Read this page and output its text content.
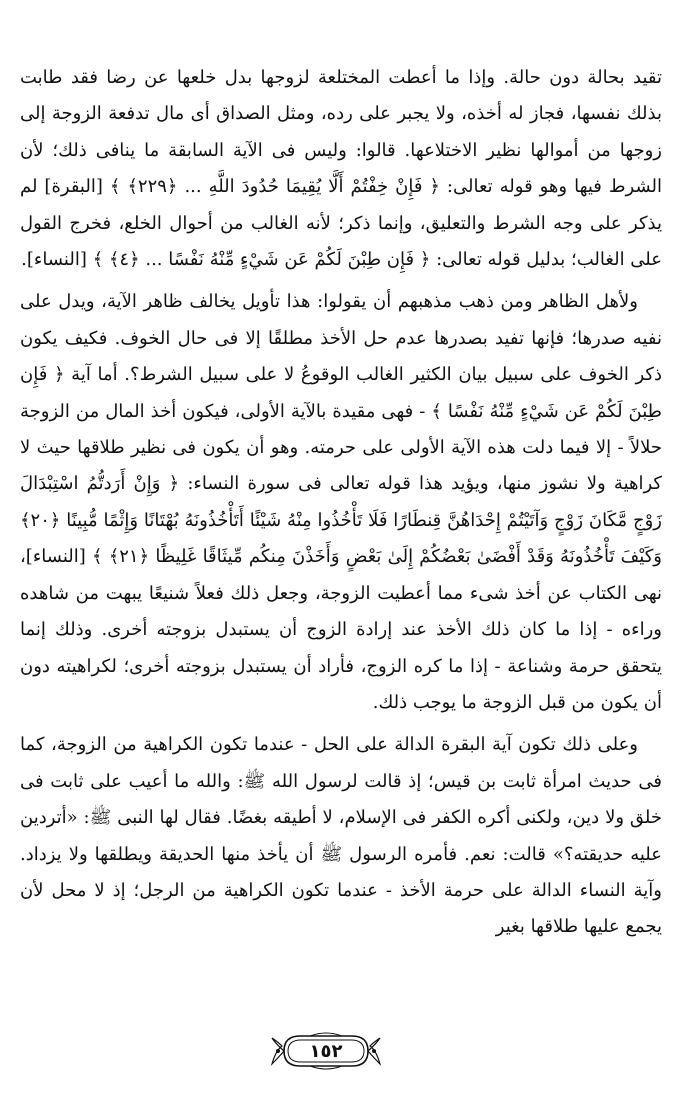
تقيد بحالة دون حالة. وإذا ما أعطت المختلعة لزوجها بدل خلعها عن رضا فقد طابت بذلك نفسها، فجاز له أخذه، ولا يجبر على رده، ومثل الصداق أى مال تدفعة الزوجة إلى زوجها من أموالها نظير الاختلاعها. قالوا: وليس فى الآية السابقة ما ينافى ذلك؛ لأن الشرط فيها وهو قوله تعالى: ﴿ فَإِنْ خِفْتُمْ أَلَّا يُقِيمَا حُدُودَ اللَّهِ ... ﴿٢٢٩﴾ ﴾ [البقرة] لم يذكر على وجه الشرط والتعليق، وإنما ذكر؛ لأنه الغالب من أحوال الخلع، فخرج القول على الغالب؛ بدليل قوله تعالى: ﴿ فَإِن طِبْنَ لَكُمْ عَن شَيْءٍ مِّنْهُ نَفْسًا ... ﴿٤﴾ ﴾ [النساء].

ولأهل الظاهر ومن ذهب مذهبهم أن يقولوا: هذا تأويل يخالف ظاهر الآية، ويدل على نفيه صدرها؛ فإنها تفيد بصدرها عدم حل الأخذ مطلقًا إلا فى حال الخوف. فكيف يكون ذكر الخوف على سبيل بيان الكثير الغالب الوقوعُ لا على سبيل الشرط؟. أما آية ﴿ فَإِن طِبْنَ لَكُمْ عَن شَيْءٍ مِّنْهُ نَفْسًا ﴾ - فهى مقيدة بالآية الأولى، فيكون أخذ المال من الزوجة حلالاً - إلا فيما دلت هذه الآية الأولى على حرمته. وهو أن يكون فى نظير طلاقها حيث لا كراهية ولا نشوز منها، ويؤيد هذا قوله تعالى فى سورة النساء: ﴿ وَإِنْ أَرَدتُّمُ اسْتِبْدَالَ زَوْجٍ مَّكَانَ زَوْجٍ وَآتَيْتُمْ إِحْدَاهُنَّ قِنطَارًا فَلَا تَأْخُذُوا مِنْهُ شَيْئًا أَتَأْخُذُونَهُ بُهْتَانًا وَإِثْمًا مُّبِينًا ﴿٢٠﴾ وَكَيْفَ تَأْخُذُونَهُ وَقَدْ أَفْضَىٰ بَعْضُكُمْ إِلَىٰ بَعْضٍ وَأَخَذْنَ مِنكُم مِّيثَاقًا غَلِيظًا ﴿٢١﴾ ﴾ [النساء]، نهى الكتاب عن أخذ شىء مما أعطيت الزوجة، وجعل ذلك فعلاً شنيعًا يبهت من شاهده وراءه - إذا ما كان ذلك الأخذ عند إرادة الزوج أن يستبدل بزوجته أخرى. وذلك إنما يتحقق حرمة وشناعة - إذا ما كره الزوج، فأراد أن يستبدل بزوجته أخرى؛ لكراهيته دون أن يكون من قبل الزوجة ما يوجب ذلك.

وعلى ذلك تكون آية البقرة الدالة على الحل - عندما تكون الكراهية من الزوجة، كما فى حديث امرأة ثابت بن قيس؛ إذ قالت لرسول الله ﷺ: والله ما أعيب على ثابت فى خلق ولا دين، ولكنى أكره الكفر فى الإسلام، لا أطيقه بغضًا. فقال لها النبى ﷺ: «أتردين عليه حديقته؟» قالت: نعم. فأمره الرسول ﷺ أن يأخذ منها الحديقة ويطلقها ولا يزداد. وآية النساء الدالة على حرمة الأخذ - عندما تكون الكراهية من الرجل؛ إذ لا محل لأن يجمع عليها طلاقها بغير

١٥٢
